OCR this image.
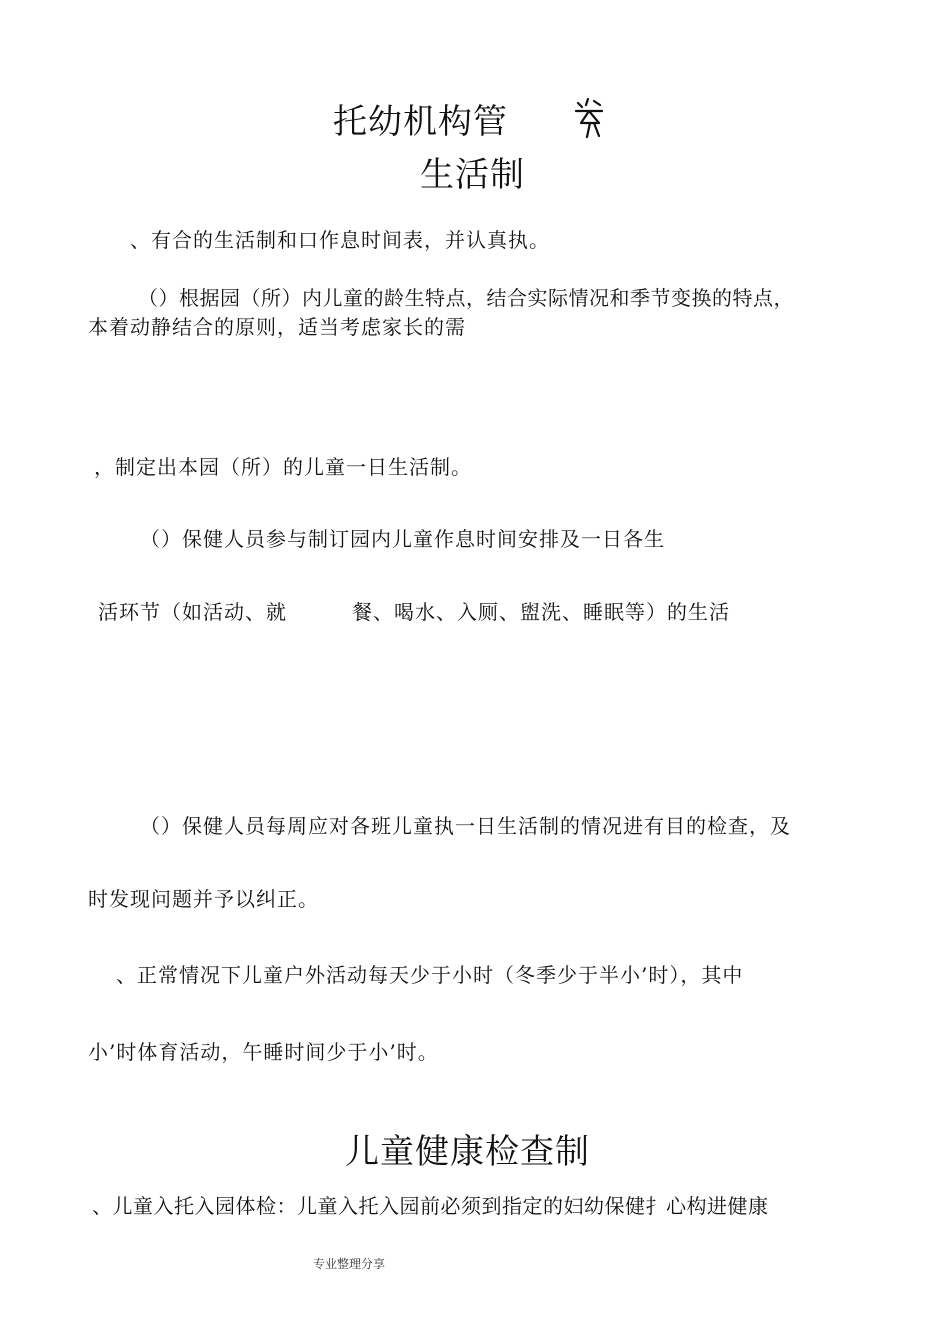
托幼机构管
生活制
、有合的生活制和口作息时间表，并认真执。
（）根据园（所）内儿童的龄生特点，结合实际情况和季节变换的特点，
本着动静结合的原则，适当考虑家长的需
，制定出本园（所）的儿童一日生活制。
（）保健人员参与制订园内儿童作息时间安排及一日各生
活环节（如活动、就	餐、喝水、入厕、盥洗、睡眠等）的生活
（）保健人员每周应对各班儿童执一日生活制的情况进有目的检查，及
时发现问题并予以纠正。
、正常情况下儿童户外活动每天少于小时（冬季少于半小’时），其中
小’时体育活动，午睡时间少于小’时。
儿童健康检查制
、儿童入托入园体检：儿童入托入园前必须到指定的妇幼保健扌心构进健康
专业整理分享
